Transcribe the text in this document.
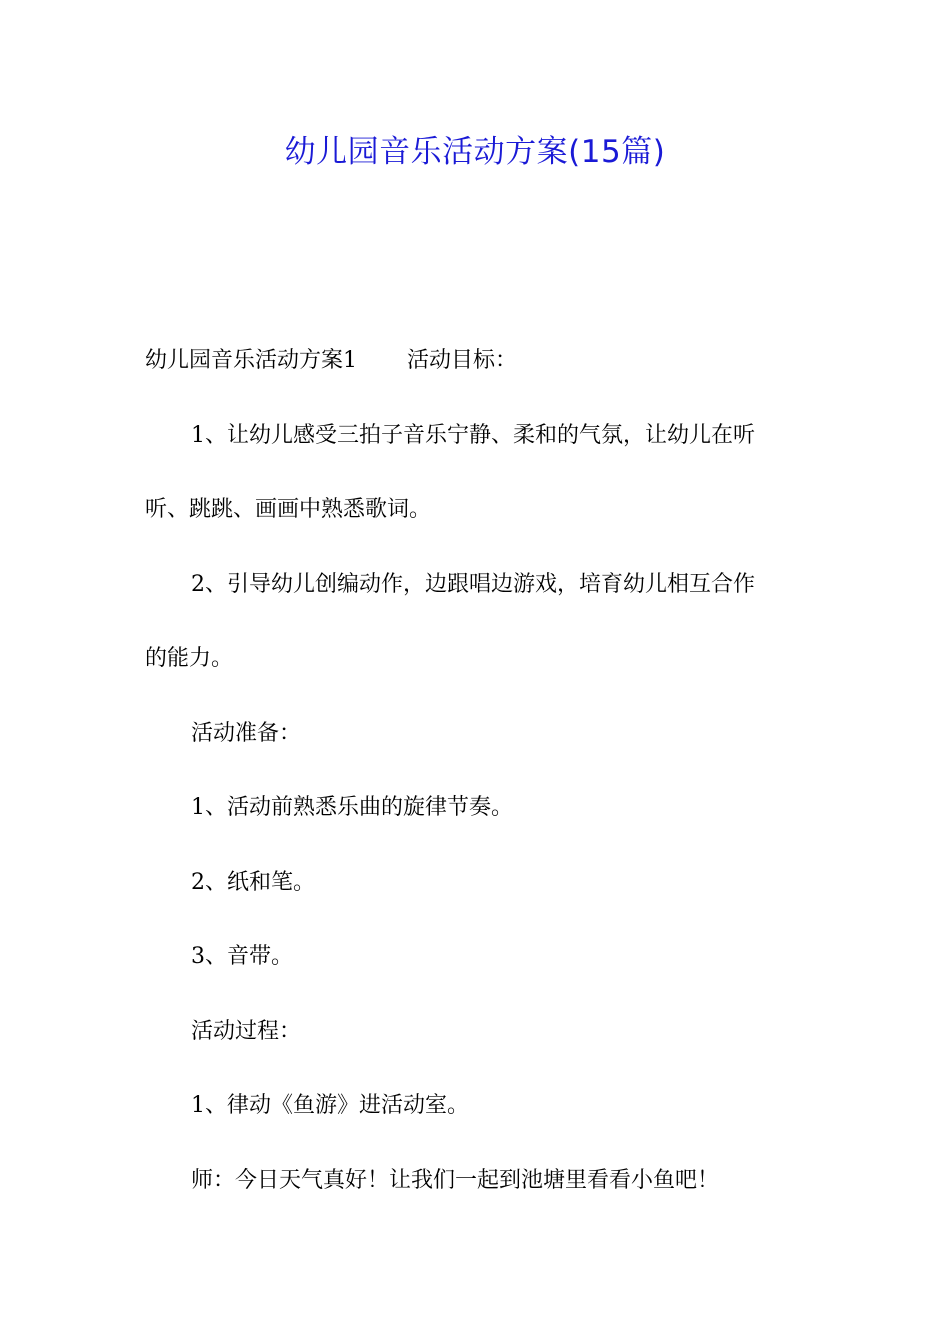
幼儿园音乐活动方案(15篇)
幼儿园音乐活动方案1 活动目标：
1、让幼儿感受三拍子音乐宁静、柔和的气氛，让幼儿在听
听、跳跳、画画中熟悉歌词。
2、引导幼儿创编动作，边跟唱边游戏，培育幼儿相互合作
的能力。
活动准备：
1、活动前熟悉乐曲的旋律节奏。
2、纸和笔。
3、音带。
活动过程：
1、律动《鱼游》进活动室。
师：今日天气真好！让我们一起到池塘里看看小鱼吧！
